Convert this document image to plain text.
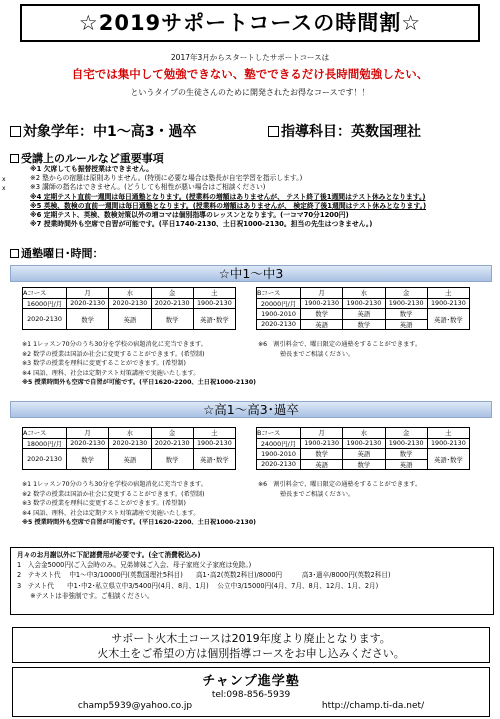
☆2019サポートコースの時間割☆
2017年3月からスタートしたサポートコースは
自宅では集中して勉強できない、塾でできるだけ長時間勉強したい、
というタイプの生徒さんのために開発されたお得なコースです！！
対象学年：中1～高3・過卒	指導科目：英数国理社
受講上のルールなど重要事項
x
x
※1 欠席しても振替授業はできません。
※2 塾からの宿題は原則ありません。(特別に必要な場合は塾長が自宅学習を指示します。)
※3 講師の指名はできません。(どうしても相性が悪い場合はご相談ください)
※4 定期テスト直前一週間は毎日通塾となります。(授業料の増額はありませんが、 テスト終了後1週間はテスト休みとなります。)
※5 英検、数検の直前一週間は毎日通塾となります。(授業料の増額はありませんが、 検定終了後1週間はテスト休みとなります。)
※6 定期テスト、英検、数検対策以外の増コマは個別指導のレッスンとなります。(一コマ70分1200円)
※7 授業時間外も空席で自習が可能です。(平日1740-2130、土日祝1000-2130。担当の先生はつきません。)
通塾曜日･時間：
☆中1～中3
Aコース	月	水	金	土
16000円/月	2020-2130	2020-2130	2020-2130	1900-2130
2020-2130	数学	英語	数学	英語･数学
Bコース	月	水	金	土
20000円/月	1900-2130	1900-2130	1900-2130	1900-2130
1900-2010	数学	英語	数学	英語･数学
2020-2130	英語	数学	英語	
※1 1レッスン70分のうち30分を学校の宿題消化に充当できます。
※2 数学の授業は国語か社会に変更することができます。(希望制)
※3 数学の授業を理科に変更することができます。(希望制)
※4 国語、理科、社会は定期テスト対策講座で実施いたします。
※5 授業時間外も空席で自習が可能です。(平日1620-2200、土日祝1000-2130)
※6　割引料金で、曜日限定の通塾をすることができます。
塾長までご相談ください。
☆高1～高3･過卒
Aコース	月	水	金	土
18000円/月	2020-2130	2020-2130	2020-2130	1900-2130
2020-2130	数学	英語	数学	英語･数学
Bコース	月	水	金	土
24000円/月	1900-2130	1900-2130	1900-2130	1900-2130
1900-2010	数学	英語	数学	英語･数学
2020-2130	英語	数学	英語	
※1 1レッスン70分のうち30分を学校の宿題消化に充当できます。
※2 数学の授業は国語か社会に変更することができます。(希望制)
※3 数学の授業を理科に変更することができます。(希望制)
※4 国語、理科、社会は定期テスト対策講座で実施いたします。
※5 授業時間外も空席で自習が可能です。(平日1620-2200、土日祝1000-2130)
※6　割引料金で、曜日限定の通塾をすることができます。
塾長までご相談ください。
月々のお月謝以外に下記諸費用が必要です。(全て消費税込み)
1　入会金5000円(ご入会時のみ。兄弟姉妹ご入会、母子家庭父子家庭は免除。)
2　テキスト代　 中1～中3/10000円(英数国理社5科目)　　高1･高2(英数2科目)/8000円　　　高3･過卒/8000円(英数2科目)
3　テスト代　　中1･中2･私立県立中3/5400円(4月、8月、1月)　 公立中3/15000円(4月、7月、8月、12月、1月、2月)
　　※テストは非強制です。ご相談ください。
サポート火木土コースは2019年度より廃止となります。
火木土をご希望の方は個別指導コースをお申し込みください。
チャンプ進学塾
tel:098-856-5939
champ5939@yahoo.co.jp	http://champ.ti-da.net/
